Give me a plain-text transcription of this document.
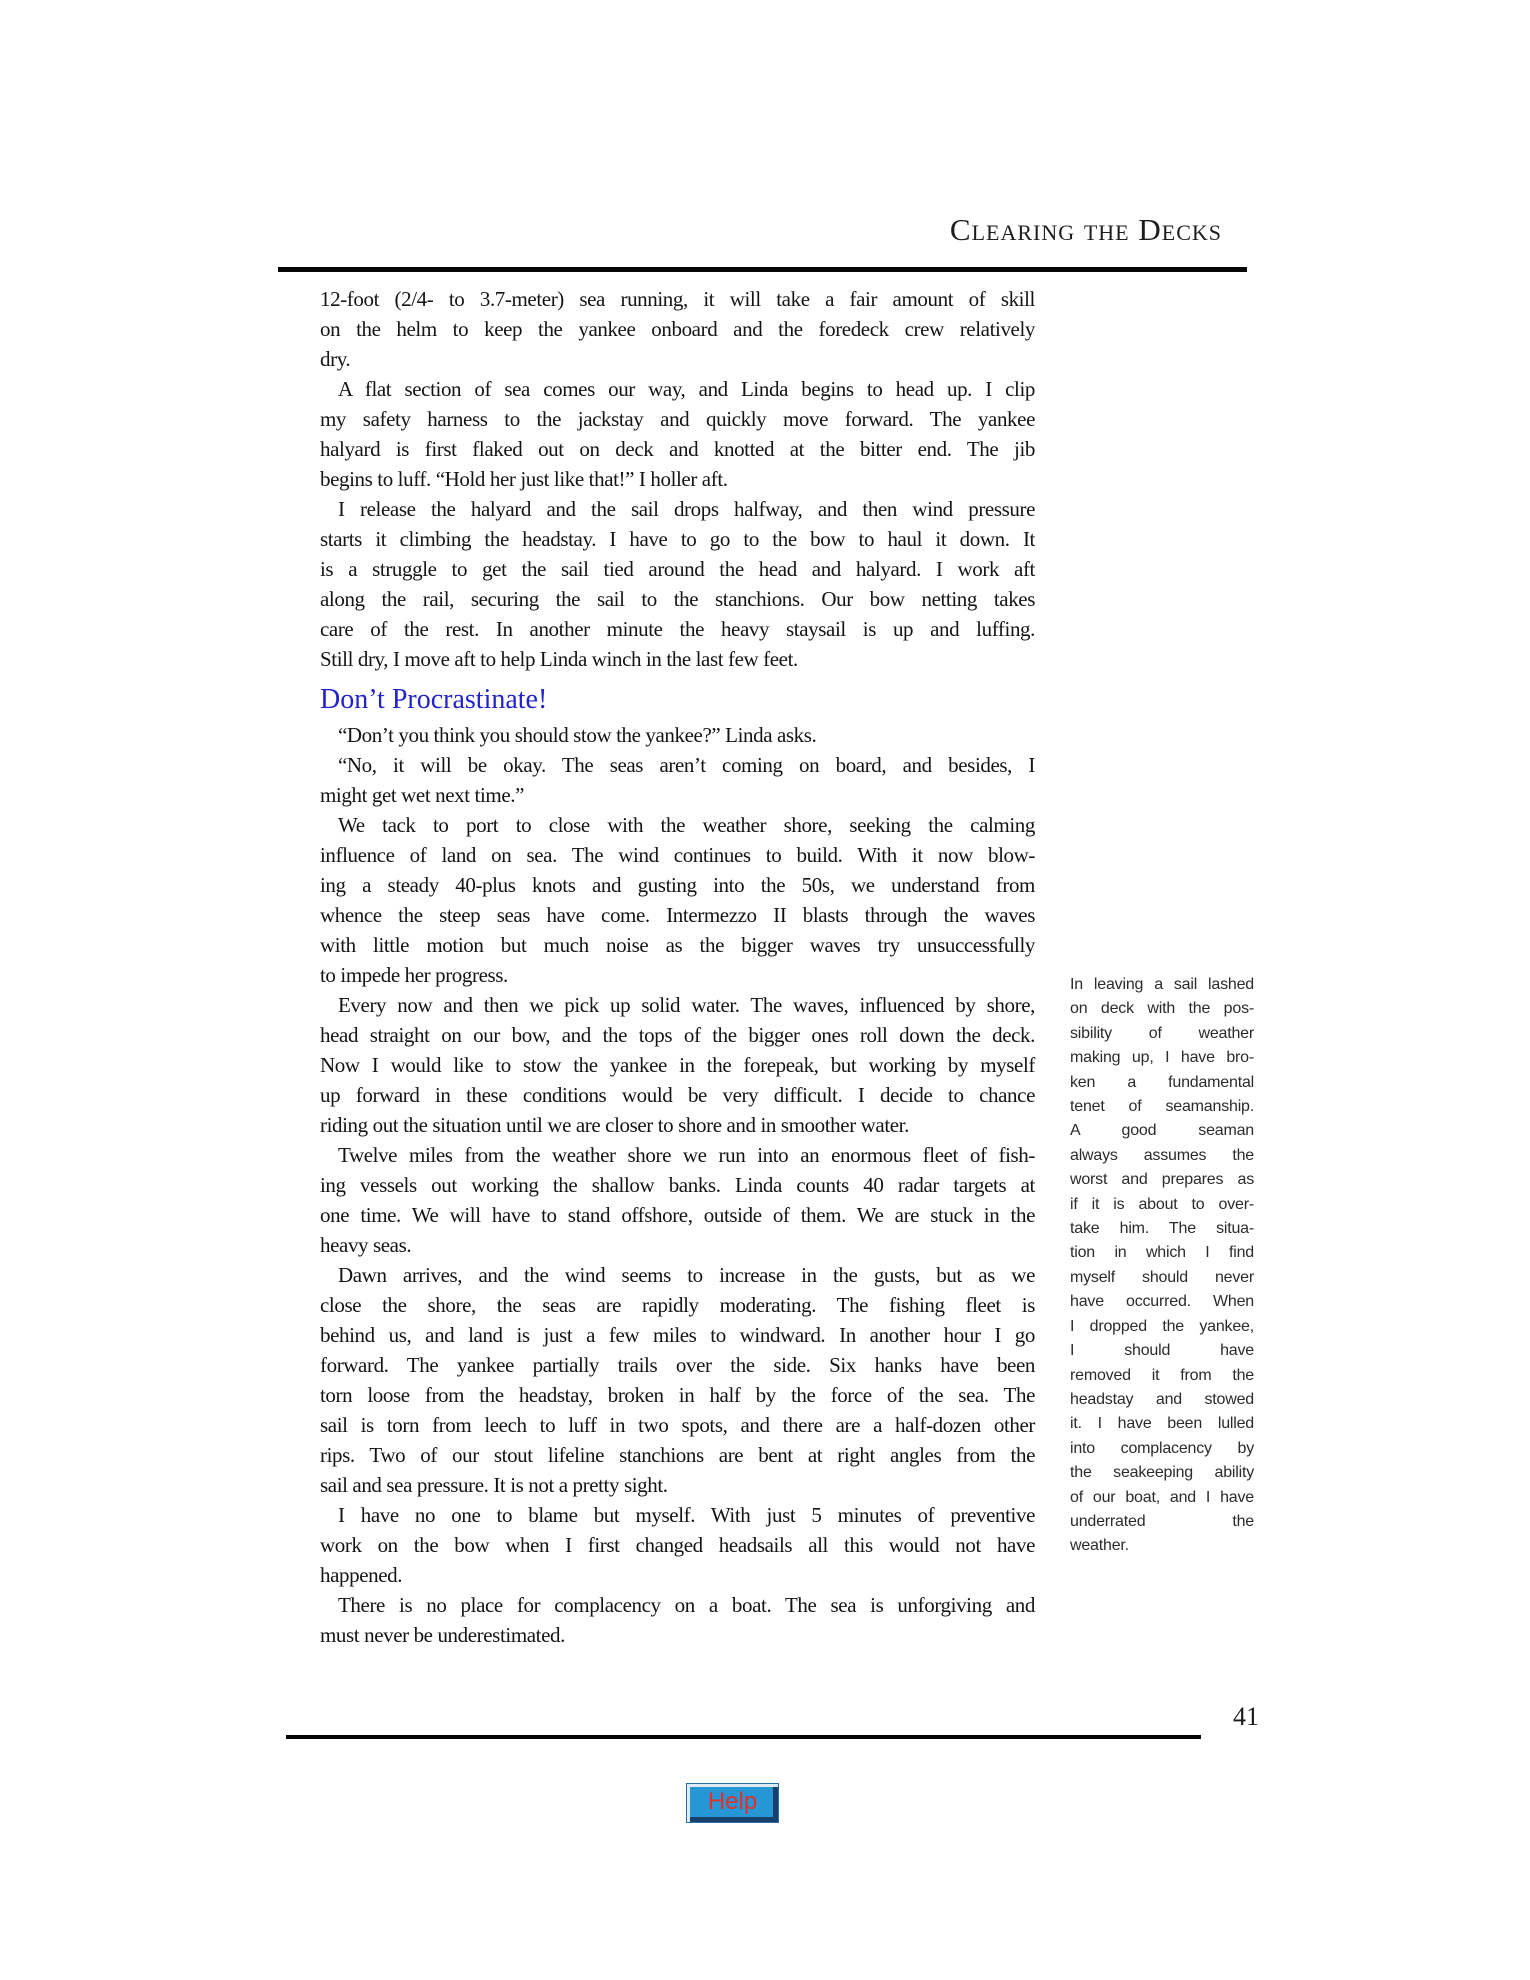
Clearing the Decks
12-foot (2/4- to 3.7-meter) sea running, it will take a fair amount of skill
on the helm to keep the yankee onboard and the foredeck crew relatively
dry.
A flat section of sea comes our way, and Linda begins to head up. I clip
my safety harness to the jackstay and quickly move forward. The yankee
halyard is first flaked out on deck and knotted at the bitter end. The jib
begins to luff. “Hold her just like that!” I holler aft.
I release the halyard and the sail drops halfway, and then wind pressure
starts it climbing the headstay. I have to go to the bow to haul it down. It
is a struggle to get the sail tied around the head and halyard. I work aft
along the rail, securing the sail to the stanchions. Our bow netting takes
care of the rest. In another minute the heavy staysail is up and luffing.
Still dry, I move aft to help Linda winch in the last few feet.
Don’t Procrastinate!
“Don’t you think you should stow the yankee?” Linda asks.
“No, it will be okay. The seas aren’t coming on board, and besides, I
might get wet next time.”
We tack to port to close with the weather shore, seeking the calming
influence of land on sea. The wind continues to build. With it now blow-
ing a steady 40-plus knots and gusting into the 50s, we understand from
whence the steep seas have come. Intermezzo II blasts through the waves
with little motion but much noise as the bigger waves try unsuccessfully
to impede her progress.
Every now and then we pick up solid water. The waves, influenced by shore,
head straight on our bow, and the tops of the bigger ones roll down the deck.
Now I would like to stow the yankee in the forepeak, but working by myself
up forward in these conditions would be very difficult. I decide to chance
riding out the situation until we are closer to shore and in smoother water.
Twelve miles from the weather shore we run into an enormous fleet of fish-
ing vessels out working the shallow banks. Linda counts 40 radar targets at
one time. We will have to stand offshore, outside of them. We are stuck in the
heavy seas.
Dawn arrives, and the wind seems to increase in the gusts, but as we
close the shore, the seas are rapidly moderating. The fishing fleet is
behind us, and land is just a few miles to windward. In another hour I go
forward. The yankee partially trails over the side. Six hanks have been
torn loose from the headstay, broken in half by the force of the sea. The
sail is torn from leech to luff in two spots, and there are a half-dozen other
rips. Two of our stout lifeline stanchions are bent at right angles from the
sail and sea pressure. It is not a pretty sight.
I have no one to blame but myself. With just 5 minutes of preventive
work on the bow when I first changed headsails all this would not have
happened.
There is no place for complacency on a boat. The sea is unforgiving and
must never be underestimated.
In leaving a sail lashed
on deck with the pos-
sibility of weather
making up, I have bro-
ken a fundamental
tenet of seamanship.
A good seaman
always assumes the
worst and prepares as
if it is about to over-
take him. The situa-
tion in which I find
myself should never
have occurred. When
I dropped the yankee,
I should have
removed it from the
headstay and stowed
it. I have been lulled
into complacency by
the seakeeping ability
of our boat, and I have
underrated the
weather.
41
Help
